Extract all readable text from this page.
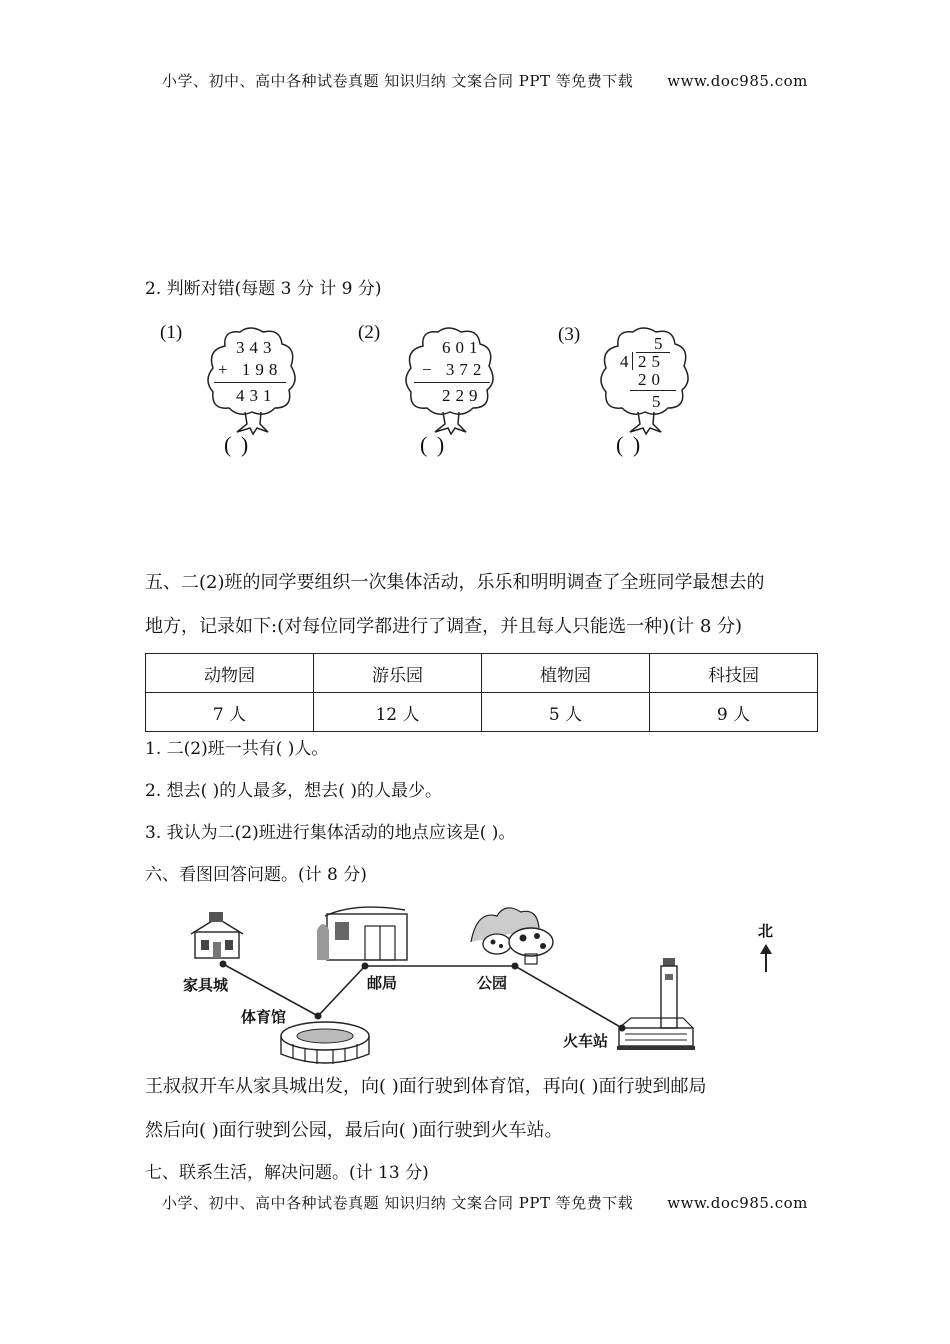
小学、初中、高中各种试卷真题 知识归纳 文案合同 PPT 等免费下载 www.doc985.com
2. 判断对错(每题 3 分 计 9 分)
(1)
343
+ 198
431
( )
(2)
601
− 372
229
( )
(3)	5
4 25
20
5
( )
五、二(2)班的同学要组织一次集体活动，乐乐和明明调查了全班同学最想去的
地方，记录如下:(对每位同学都进行了调查，并且每人只能选一种)(计 8 分)
动物园	游乐园	植物园	科技园
7 人	12 人	5 人	9 人
1. 二(2)班一共有( )人。
2. 想去( )的人最多，想去( )的人最少。
3. 我认为二(2)班进行集体活动的地点应该是( )。
六、看图回答问题。(计 8 分)
家具城
体育馆
邮局	公园
火车站
北
王叔叔开车从家具城出发，向( )面行驶到体育馆，再向( )面行驶到邮局
然后向( )面行驶到公园，最后向( )面行驶到火车站。
七、联系生活，解决问题。(计 13 分)
小学、初中、高中各种试卷真题 知识归纳 文案合同 PPT 等免费下载 www.doc985.com
